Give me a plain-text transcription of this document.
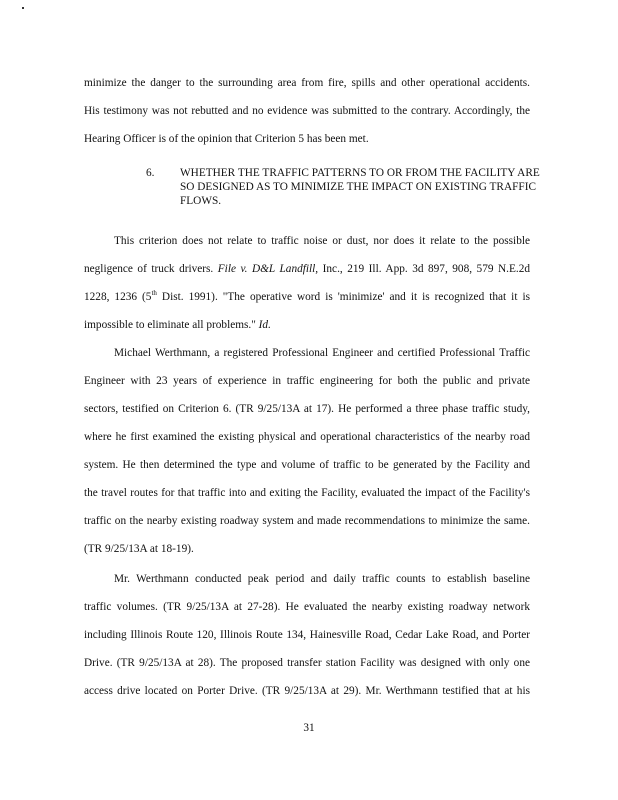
minimize the danger to the surrounding area from fire, spills and other operational accidents.
His testimony was not rebutted and no evidence was submitted to the contrary. Accordingly, the
Hearing Officer is of the opinion that Criterion 5 has been met.
6. WHETHER THE TRAFFIC PATTERNS TO OR FROM THE FACILITY ARE
SO DESIGNED AS TO MINIMIZE THE IMPACT ON EXISTING TRAFFIC
FLOWS.
This criterion does not relate to traffic noise or dust, nor does it relate to the possible
negligence of truck drivers. File v. D&L Landfill, Inc., 219 Ill. App. 3d 897, 908, 579 N.E.2d
1228, 1236 (5th Dist. 1991). "The operative word is 'minimize' and it is recognized that it is
impossible to eliminate all problems." Id.
Michael Werthmann, a registered Professional Engineer and certified Professional Traffic
Engineer with 23 years of experience in traffic engineering for both the public and private
sectors, testified on Criterion 6. (TR 9/25/13A at 17). He performed a three phase traffic study,
where he first examined the existing physical and operational characteristics of the nearby road
system. He then determined the type and volume of traffic to be generated by the Facility and
the travel routes for that traffic into and exiting the Facility, evaluated the impact of the Facility's
traffic on the nearby existing roadway system and made recommendations to minimize the same.
(TR 9/25/13A at 18-19).
Mr. Werthmann conducted peak period and daily traffic counts to establish baseline
traffic volumes. (TR 9/25/13A at 27-28). He evaluated the nearby existing roadway network
including Illinois Route 120, Illinois Route 134, Hainesville Road, Cedar Lake Road, and Porter
Drive. (TR 9/25/13A at 28). The proposed transfer station Facility was designed with only one
access drive located on Porter Drive. (TR 9/25/13A at 29). Mr. Werthmann testified that at his
31
